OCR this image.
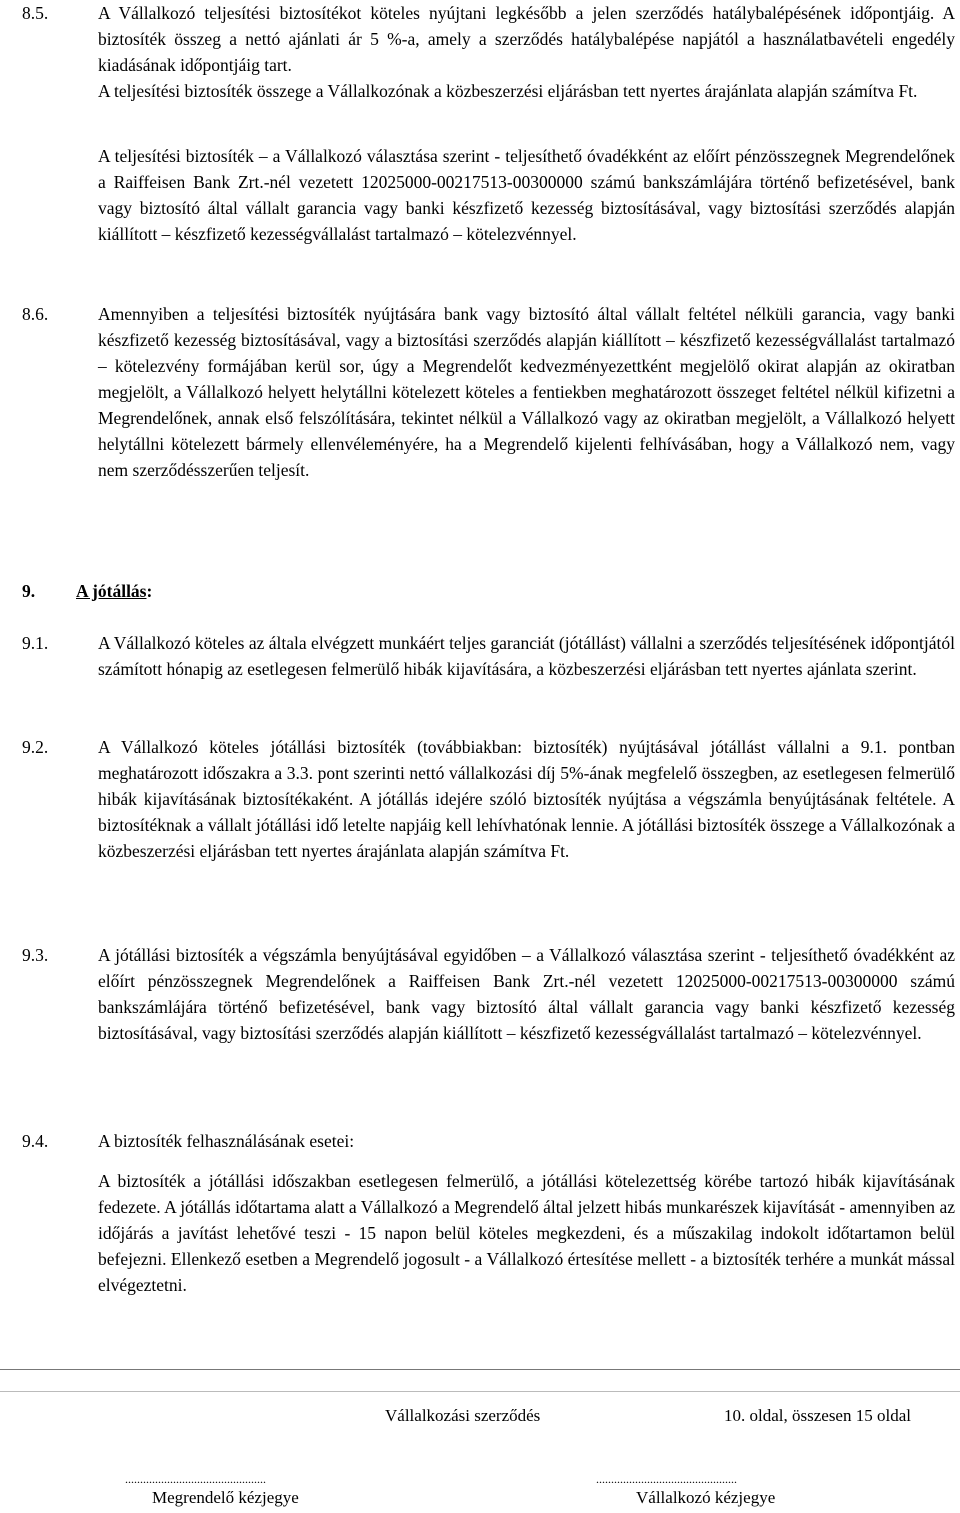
8.5.	A Vállalkozó teljesítési biztosítékot köteles nyújtani legkésőbb a jelen szerződés hatálybalépésének időpontjáig. A biztosíték összeg a nettó ajánlati ár 5 %-a, amely a szerződés hatálybalépése napjától a használatbavételi engedély kiadásának időpontjáig tart.

A teljesítési biztosíték összege a Vállalkozónak a közbeszerzési eljárásban tett nyertes árajánlata alapján számítva Ft.

A teljesítési biztosíték – a Vállalkozó választása szerint - teljesíthető óvadékként az előírt pénzösszegnek Megrendelőnek a Raiffeisen Bank Zrt.-nél vezetett 12025000-00217513-00300000 számú bankszámlájára történő befizetésével, bank vagy biztosító által vállalt garancia vagy banki készfizető kezesség biztosításával, vagy biztosítási szerződés alapján kiállított – készfizető kezességvállalást tartalmazó – kötelezvénnyel.

8.6.	Amennyiben a teljesítési biztosíték nyújtására bank vagy biztosító által vállalt feltétel nélküli garancia, vagy banki készfizető kezesség biztosításával, vagy a biztosítási szerződés alapján kiállított – készfizető kezességvállalást tartalmazó – kötelezvény formájában kerül sor, úgy a Megrendelőt kedvezményezettként megjelölő okirat alapján az okiratban megjelölt, a Vállalkozó helyett helytállni kötelezett köteles a fentiekben meghatározott összeget feltétel nélkül kifizetni a Megrendelőnek, annak első felszólítására, tekintet nélkül a Vállalkozó vagy az okiratban megjelölt, a Vállalkozó helyett helytállni kötelezett bármely ellenvéleményére, ha a Megrendelő kijelenti felhívásában, hogy a Vállalkozó nem, vagy nem szerződésszerűen teljesít.

9. A jótállás:
9.1.	A Vállalkozó köteles az általa elvégzett munkáért teljes garanciát (jótállást) vállalni a szerződés teljesítésének időpontjától számított hónapig az esetlegesen felmerülő hibák kijavítására, a közbeszerzési eljárásban tett nyertes ajánlata szerint.

9.2.	A Vállalkozó köteles jótállási biztosíték (továbbiakban: biztosíték) nyújtásával jótállást vállalni a 9.1. pontban meghatározott időszakra a 3.3. pont szerinti nettó vállalkozási díj 5%-ának megfelelő összegben, az esetlegesen felmerülő hibák kijavításának biztosítékaként. A jótállás idejére szóló biztosíték nyújtása a végszámla benyújtásának feltétele. A biztosítéknak a vállalt jótállási idő letelte napjáig kell lehívhatónak lennie. A jótállási biztosíték összege a Vállalkozónak a közbeszerzési eljárásban tett nyertes árajánlata alapján számítva Ft.

9.3.	A jótállási biztosíték a végszámla benyújtásával egyidőben – a Vállalkozó választása szerint - teljesíthető óvadékként az előírt pénzösszegnek Megrendelőnek a Raiffeisen Bank Zrt.-nél vezetett 12025000-00217513-00300000 számú bankszámlájára történő befizetésével, bank vagy biztosító által vállalt garancia vagy banki készfizető kezesség biztosításával, vagy biztosítási szerződés alapján kiállított – készfizető kezességvállalást tartalmazó – kötelezvénnyel.

9.4.	A biztosíték felhasználásának esetei:

A biztosíték a jótállási időszakban esetlegesen felmerülő, a jótállási kötelezettség körébe tartozó hibák kijavításának fedezete. A jótállás időtartama alatt a Vállalkozó a Megrendelő által jelzett hibás munkarészek kijavítását - amennyiben az időjárás a javítást lehetővé teszi - 15 napon belül köteles megkezdeni, és a műszakilag indokolt időtartamon belül befejezni. Ellenkező esetben a Megrendelő jogosult - a Vállalkozó értesítése mellett - a biztosíték terhére a munkát mással elvégeztetni.

Vállalkozási szerződés	10. oldal, összesen 15 oldal
...............................................	...............................................
Megrendelő kézjegye	Vállalkozó kézjegye
